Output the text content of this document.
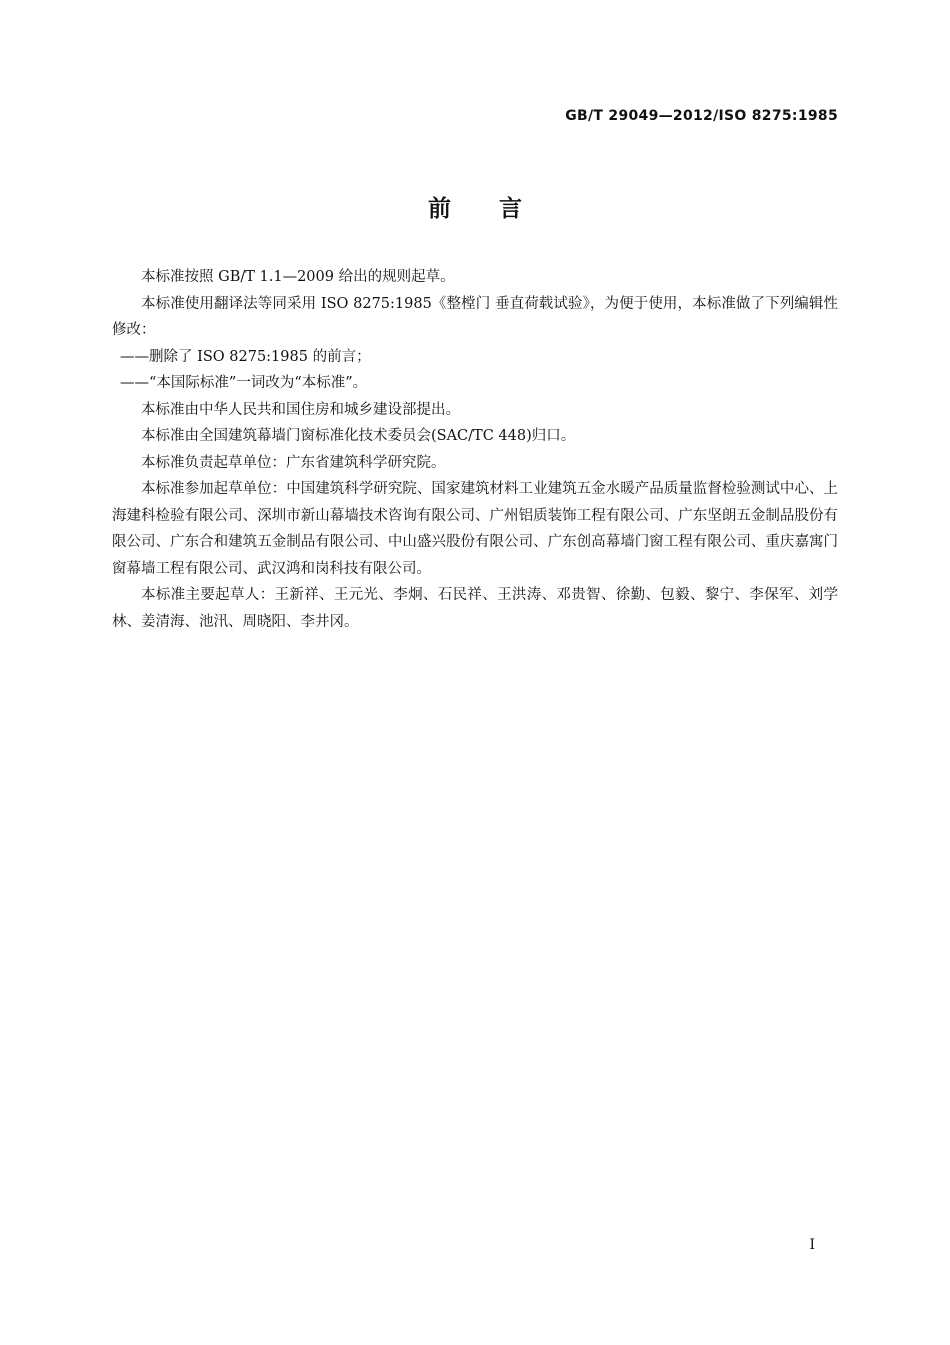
GB/T 29049—2012/ISO 8275:1985
前言

本标准按照 GB/T 1.1—2009 给出的规则起草。

本标准使用翻译法等同采用 ISO 8275:1985《整樘门 垂直荷载试验》，为便于使用，本标准做了下列编辑性修改：

——删除了 ISO 8275:1985 的前言；

——“本国际标准”一词改为“本标准”。

本标准由中华人民共和国住房和城乡建设部提出。

本标准由全国建筑幕墙门窗标准化技术委员会(SAC/TC 448)归口。

本标准负责起草单位：广东省建筑科学研究院。

本标准参加起草单位：中国建筑科学研究院、国家建筑材料工业建筑五金水暖产品质量监督检验测试中心、上海建科检验有限公司、深圳市新山幕墙技术咨询有限公司、广州铝质装饰工程有限公司、广东坚朗五金制品股份有限公司、广东合和建筑五金制品有限公司、中山盛兴股份有限公司、广东创高幕墙门窗工程有限公司、重庆嘉寓门窗幕墙工程有限公司、武汉鸿和岗科技有限公司。

本标准主要起草人：王新祥、王元光、李炯、石民祥、王洪涛、邓贵智、徐勤、包毅、黎宁、李保军、刘学林、姜清海、池汛、周晓阳、李井冈。

I
